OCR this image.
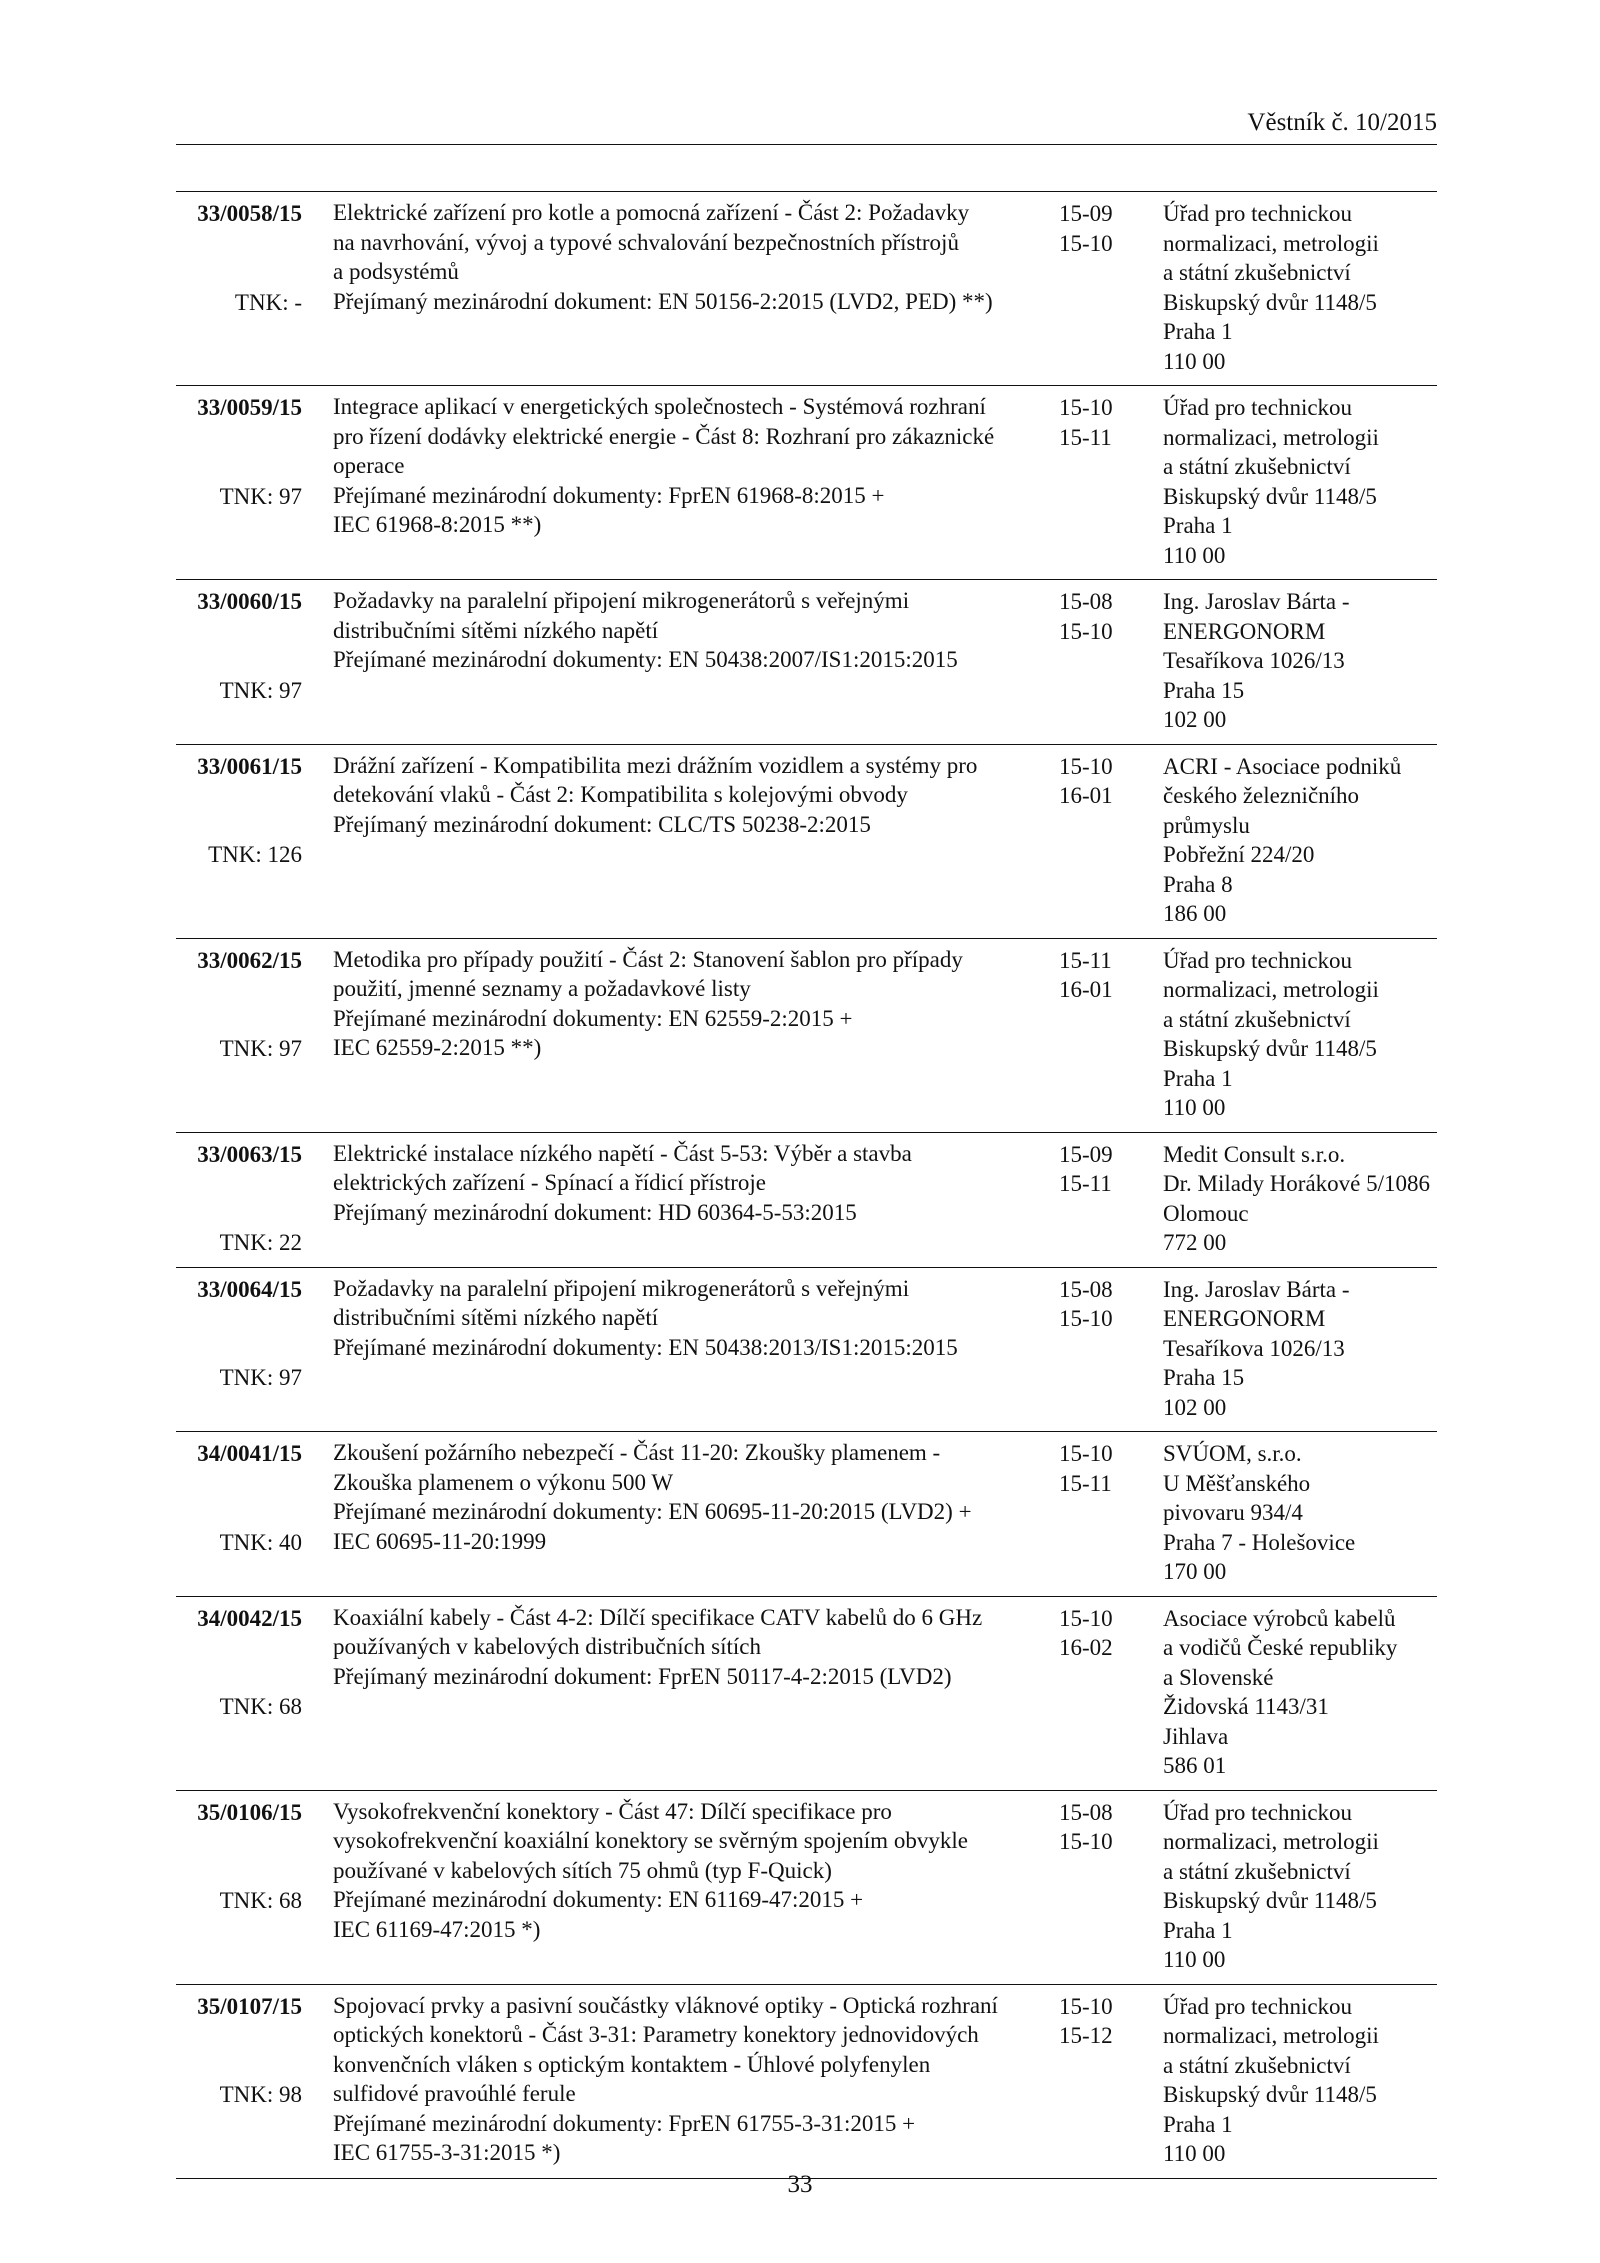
Věstník č. 10/2015
33/0058/15
TNK: -
Elektrické zařízení pro kotle a pomocná zařízení - Část 2: Požadavky
na navrhování, vývoj a typové schvalování bezpečnostních přístrojů
a podsystémů
Přejímaný mezinárodní dokument: EN 50156-2:2015 (LVD2, PED) **)
15-09
15-10
Úřad pro technickou
normalizaci, metrologii
a státní zkušebnictví
Biskupský dvůr 1148/5
Praha 1
110 00
33/0059/15
TNK: 97
Integrace aplikací v energetických společnostech - Systémová rozhraní
pro řízení dodávky elektrické energie - Část 8: Rozhraní pro zákaznické
operace
Přejímané mezinárodní dokumenty: FprEN 61968-8:2015 +
IEC 61968-8:2015 **)
15-10
15-11
Úřad pro technickou
normalizaci, metrologii
a státní zkušebnictví
Biskupský dvůr 1148/5
Praha 1
110 00
33/0060/15
TNK: 97
Požadavky na paralelní připojení mikrogenerátorů s veřejnými
distribučními sítěmi nízkého napětí
Přejímané mezinárodní dokumenty: EN 50438:2007/IS1:2015:2015
15-08
15-10
Ing. Jaroslav Bárta -
ENERGONORM
Tesaříkova 1026/13
Praha 15
102 00
33/0061/15
TNK: 126
Drážní zařízení - Kompatibilita mezi drážním vozidlem a systémy pro
detekování vlaků - Část 2: Kompatibilita s kolejovými obvody
Přejímaný mezinárodní dokument: CLC/TS 50238-2:2015
15-10
16-01
ACRI - Asociace podniků
českého železničního
průmyslu
Pobřežní 224/20
Praha 8
186 00
33/0062/15
TNK: 97
Metodika pro případy použití - Část 2: Stanovení šablon pro případy
použití, jmenné seznamy a požadavkové listy
Přejímané mezinárodní dokumenty: EN 62559-2:2015 +
IEC 62559-2:2015 **)
15-11
16-01
Úřad pro technickou
normalizaci, metrologii
a státní zkušebnictví
Biskupský dvůr 1148/5
Praha 1
110 00
33/0063/15
TNK: 22
Elektrické instalace nízkého napětí - Část 5-53: Výběr a stavba
elektrických zařízení - Spínací a řídicí přístroje
Přejímaný mezinárodní dokument: HD 60364-5-53:2015
15-09
15-11
Medit Consult s.r.o.
Dr. Milady Horákové 5/1086
Olomouc
772 00
33/0064/15
TNK: 97
Požadavky na paralelní připojení mikrogenerátorů s veřejnými
distribučními sítěmi nízkého napětí
Přejímané mezinárodní dokumenty: EN 50438:2013/IS1:2015:2015
15-08
15-10
Ing. Jaroslav Bárta -
ENERGONORM
Tesaříkova 1026/13
Praha 15
102 00
34/0041/15
TNK: 40
Zkoušení požárního nebezpečí - Část 11-20: Zkoušky plamenem -
Zkouška plamenem o výkonu 500 W
Přejímané mezinárodní dokumenty: EN 60695-11-20:2015 (LVD2) +
IEC 60695-11-20:1999
15-10
15-11
SVÚOM, s.r.o.
U Měšťanského
pivovaru 934/4
Praha 7 - Holešovice
170 00
34/0042/15
TNK: 68
Koaxiální kabely - Část 4-2: Dílčí specifikace CATV kabelů do 6 GHz
používaných v kabelových distribučních sítích
Přejímaný mezinárodní dokument: FprEN 50117-4-2:2015 (LVD2)
15-10
16-02
Asociace výrobců kabelů
a vodičů České republiky
a Slovenské
Židovská 1143/31
Jihlava
586 01
35/0106/15
TNK: 68
Vysokofrekvenční konektory - Část 47: Dílčí specifikace pro
vysokofrekvenční koaxiální konektory se svěrným spojením obvykle
používané v kabelových sítích 75 ohmů (typ F-Quick)
Přejímané mezinárodní dokumenty: EN 61169-47:2015 +
IEC 61169-47:2015 *)
15-08
15-10
Úřad pro technickou
normalizaci, metrologii
a státní zkušebnictví
Biskupský dvůr 1148/5
Praha 1
110 00
35/0107/15
TNK: 98
Spojovací prvky a pasivní součástky vláknové optiky - Optická rozhraní
optických konektorů - Část 3-31: Parametry konektory jednovidových
konvenčních vláken s optickým kontaktem - Úhlové polyfenylen
sulfidové pravoúhlé ferule
Přejímané mezinárodní dokumenty: FprEN 61755-3-31:2015 +
IEC 61755-3-31:2015 *)
15-10
15-12
Úřad pro technickou
normalizaci, metrologii
a státní zkušebnictví
Biskupský dvůr 1148/5
Praha 1
110 00
33
